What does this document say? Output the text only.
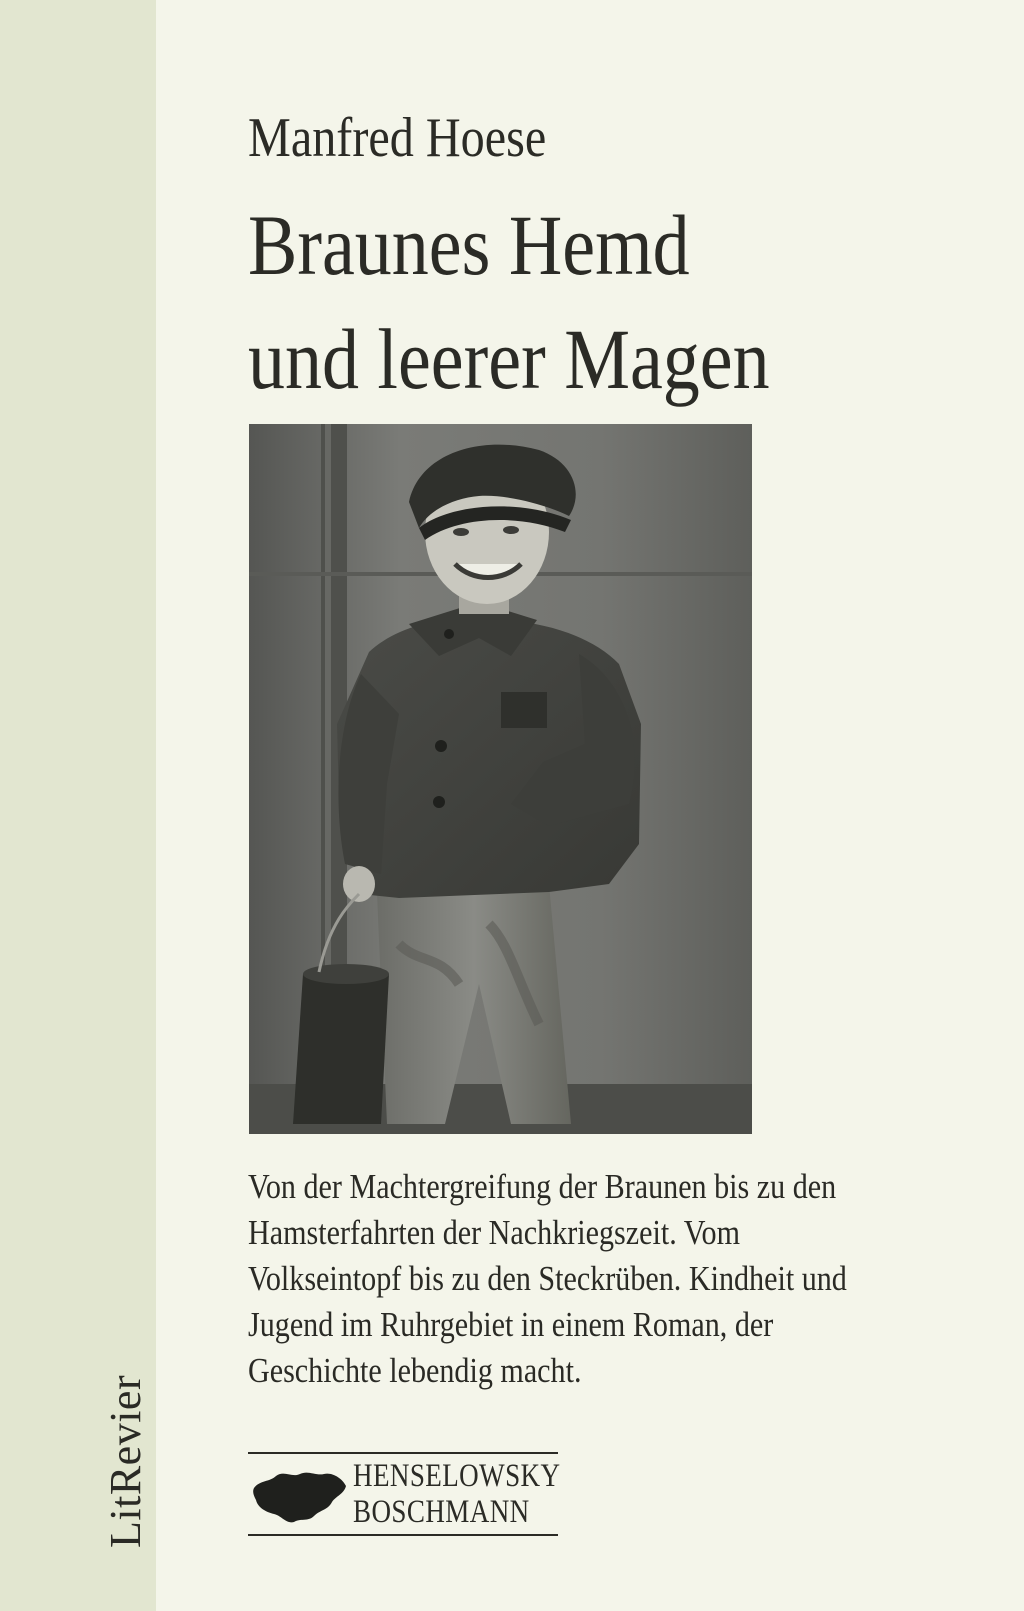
LitRevier
Manfred Hoese
Braunes Hemd
und leerer Magen
Von der Machtergreifung der Braunen bis zu den Hamsterfahrten der Nachkriegszeit. Vom Volkseintopf bis zu den Steckrüben. Kindheit und Jugend im Ruhrgebiet in einem Roman, der Geschichte lebendig macht.
HENSELOWSKY
BOSCHMANN
